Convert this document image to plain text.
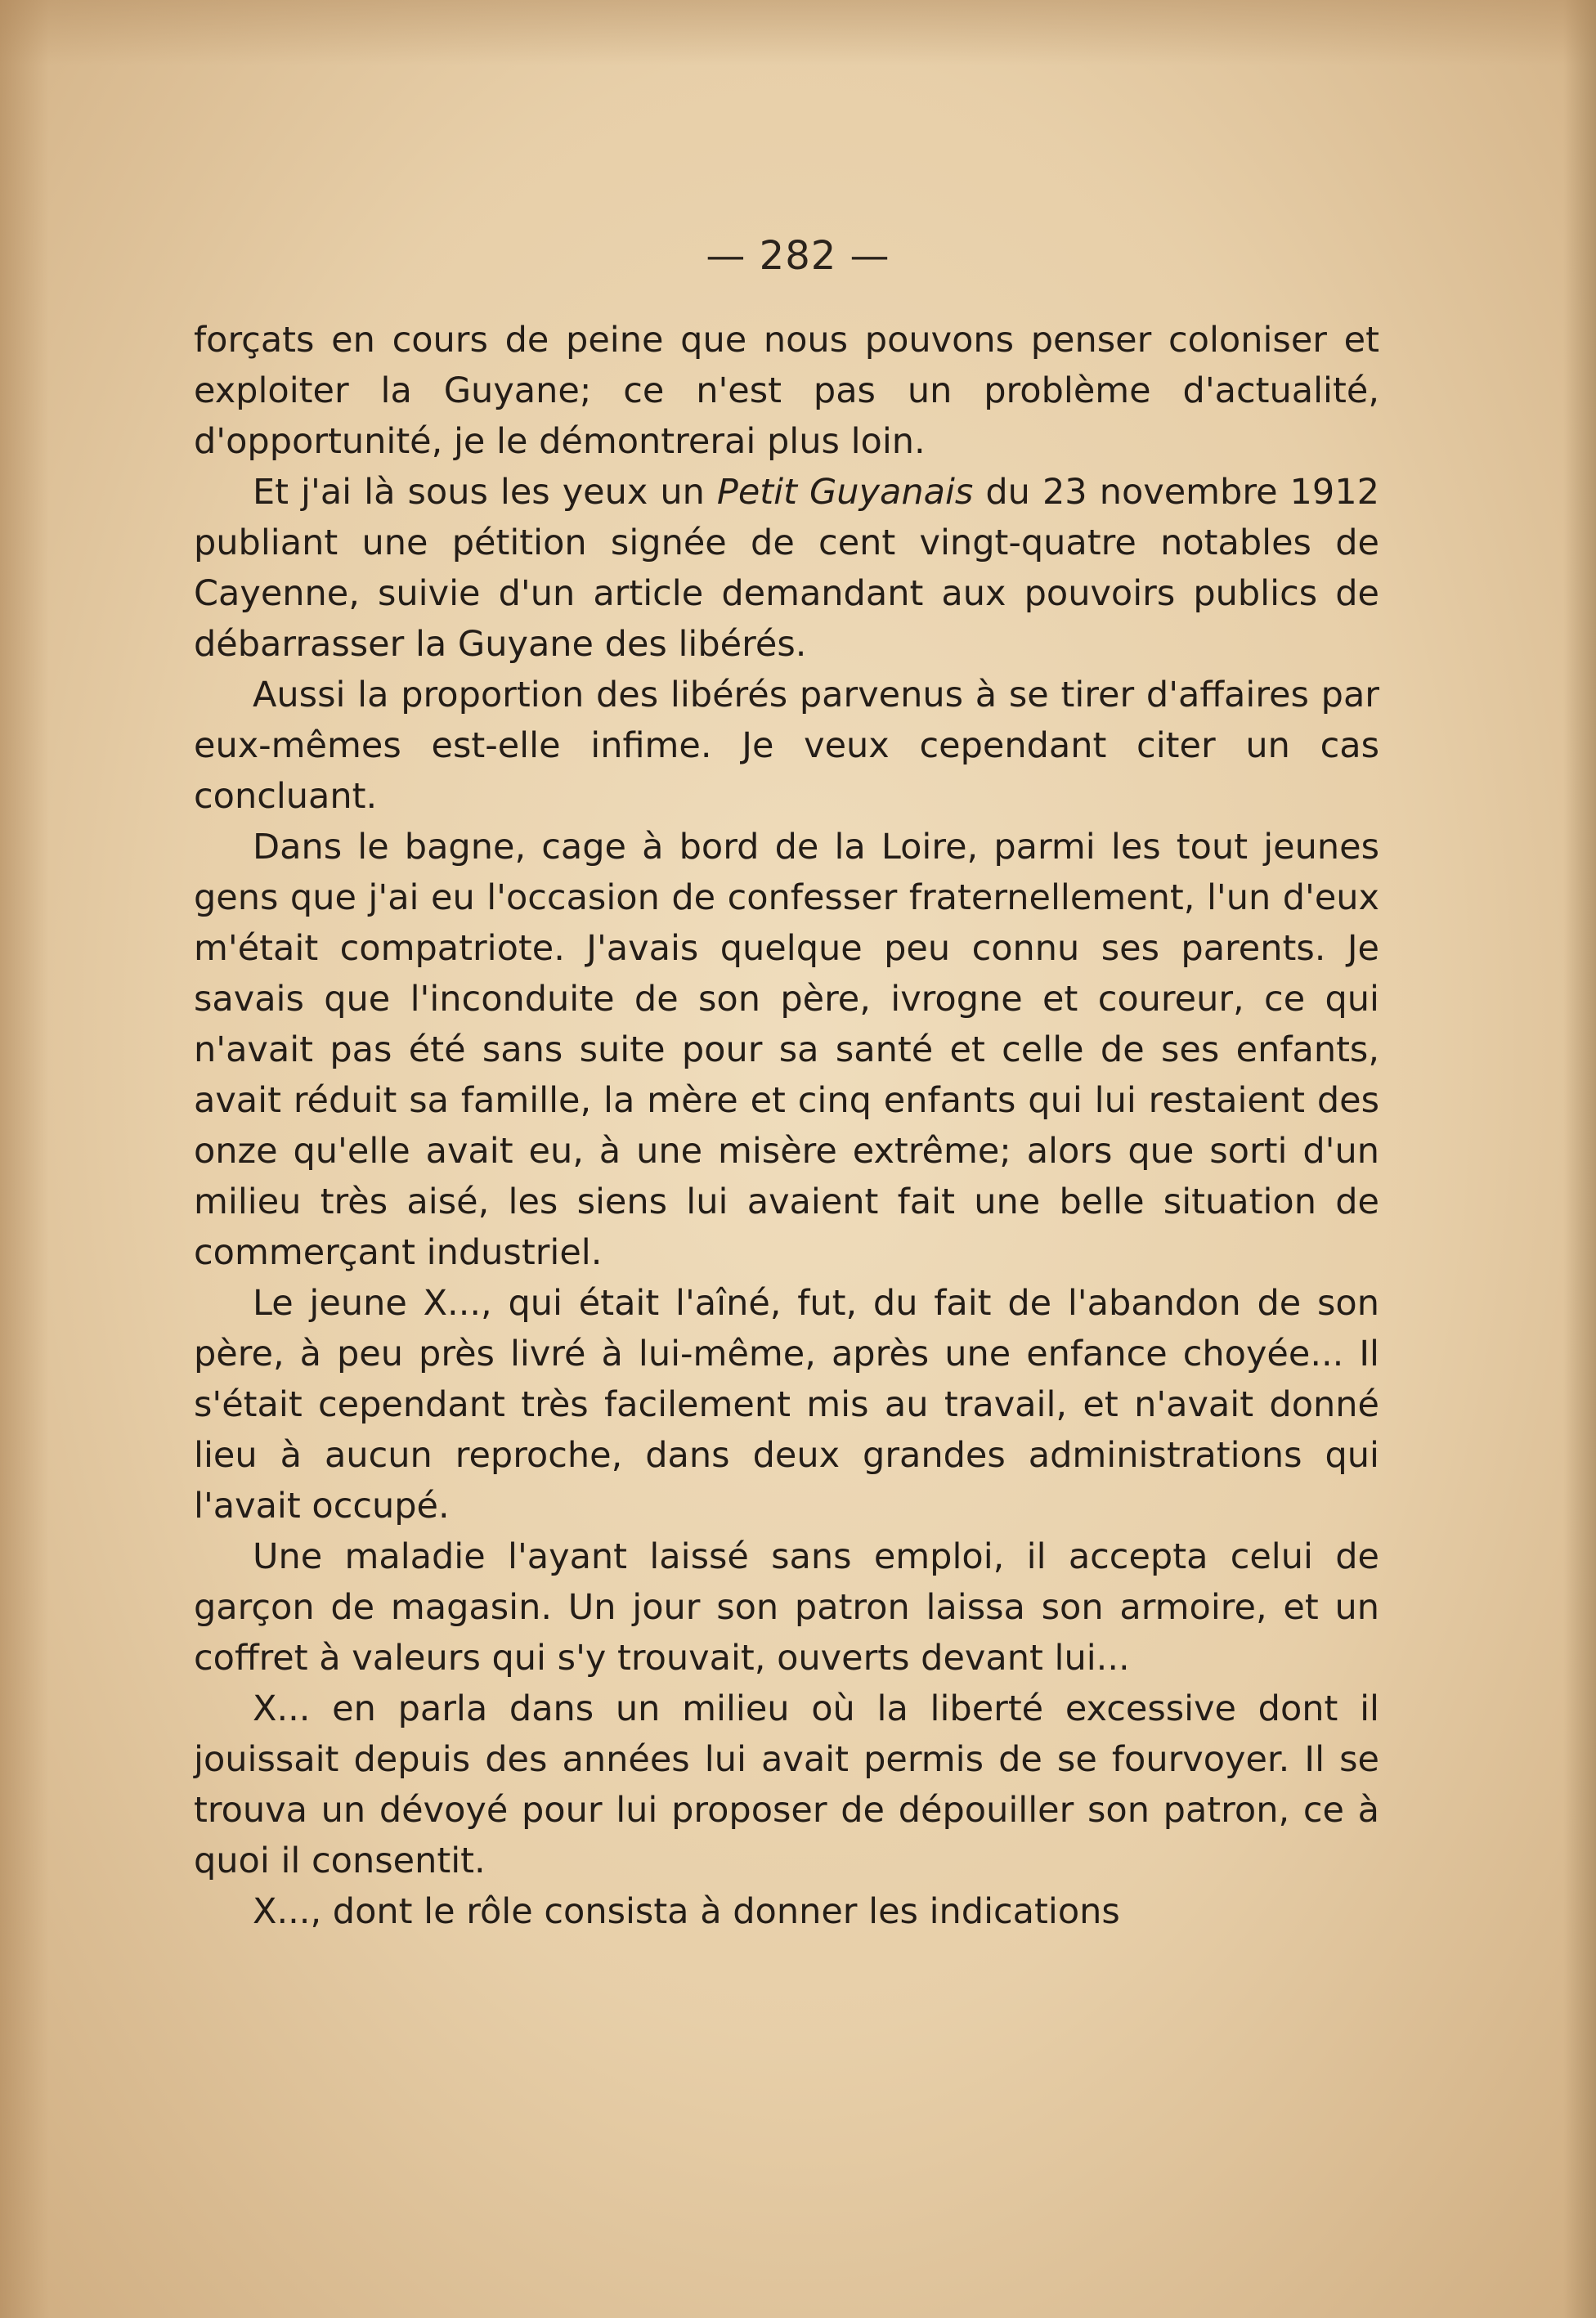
— 282 —

forçats en cours de peine que nous pouvons penser coloniser et exploiter la Guyane; ce n'est pas un problème d'actualité, d'opportunité, je le démontrerai plus loin.

Et j'ai là sous les yeux un Petit Guyanais du 23 novembre 1912 publiant une pétition signée de cent vingt-quatre notables de Cayenne, suivie d'un article demandant aux pouvoirs publics de débarrasser la Guyane des libérés.

Aussi la proportion des libérés parvenus à se tirer d'affaires par eux-mêmes est-elle infime. Je veux cependant citer un cas concluant.

Dans le bagne, cage à bord de la Loire, parmi les tout jeunes gens que j'ai eu l'occasion de confesser fraternellement, l'un d'eux m'était compatriote. J'avais quelque peu connu ses parents. Je savais que l'inconduite de son père, ivrogne et coureur, ce qui n'avait pas été sans suite pour sa santé et celle de ses enfants, avait réduit sa famille, la mère et cinq enfants qui lui restaient des onze qu'elle avait eu, à une misère extrême; alors que sorti d'un milieu très aisé, les siens lui avaient fait une belle situation de commerçant industriel.

Le jeune X..., qui était l'aîné, fut, du fait de l'abandon de son père, à peu près livré à lui-même, après une enfance choyée... Il s'était cependant très facilement mis au travail, et n'avait donné lieu à aucun reproche, dans deux grandes administrations qui l'avait occupé.

Une maladie l'ayant laissé sans emploi, il accepta celui de garçon de magasin. Un jour son patron laissa son armoire, et un coffret à valeurs qui s'y trouvait, ouverts devant lui...

X... en parla dans un milieu où la liberté excessive dont il jouissait depuis des années lui avait permis de se fourvoyer. Il se trouva un dévoyé pour lui proposer de dépouiller son patron, ce à quoi il consentit.

X..., dont le rôle consista à donner les indications
